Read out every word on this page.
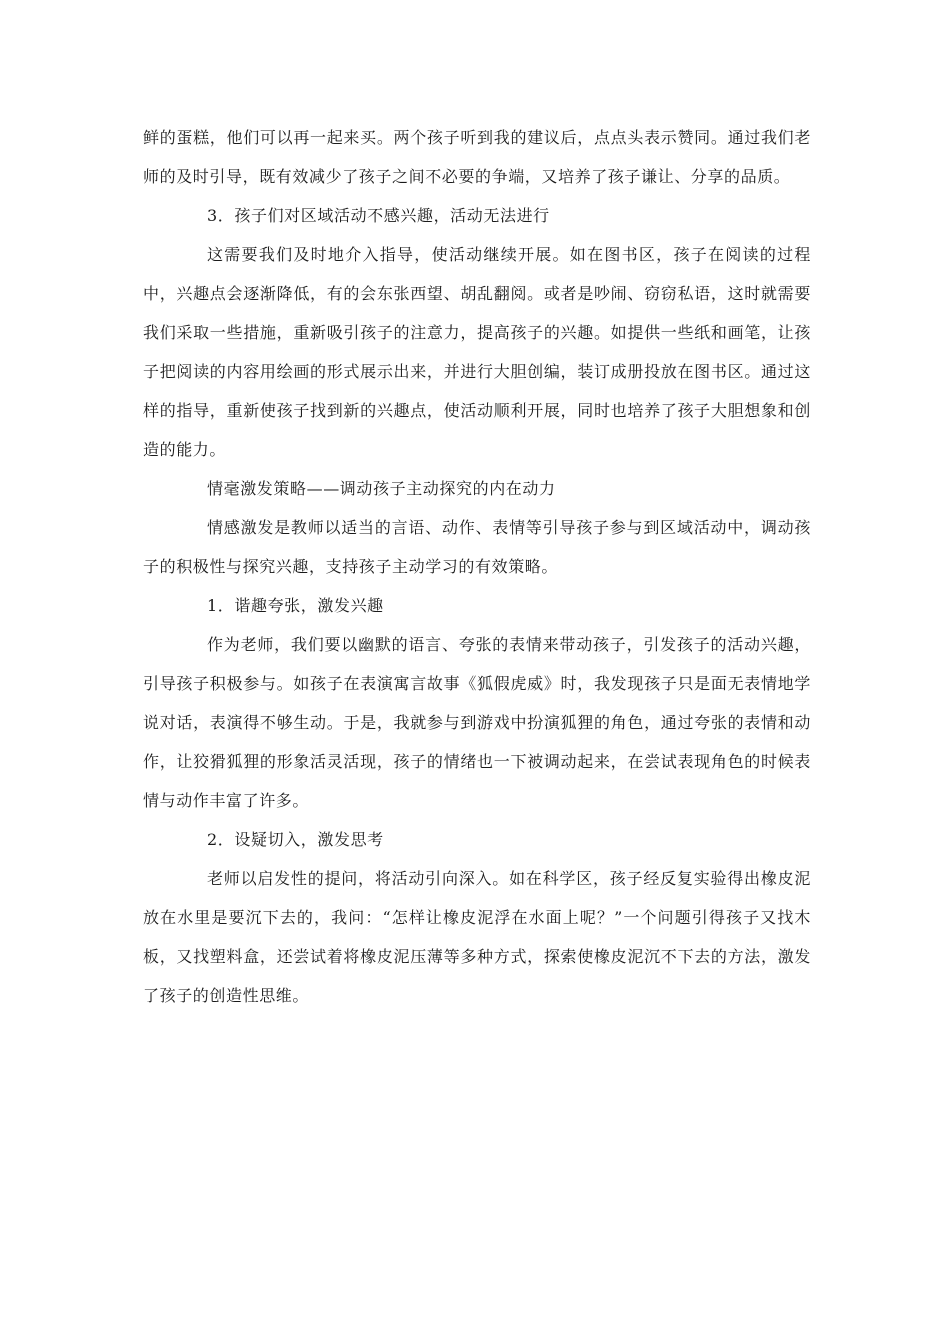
鲜的蛋糕，他们可以再一起来买。两个孩子听到我的建议后，点点头表示赞同。通过我们老师的及时引导，既有效减少了孩子之间不必要的争端，又培养了孩子谦让、分享的品质。

3．孩子们对区域活动不感兴趣，活动无法进行

这需要我们及时地介入指导，使活动继续开展。如在图书区，孩子在阅读的过程中，兴趣点会逐渐降低，有的会东张西望、胡乱翻阅。或者是吵闹、窃窃私语，这时就需要我们采取一些措施，重新吸引孩子的注意力，提高孩子的兴趣。如提供一些纸和画笔，让孩子把阅读的内容用绘画的形式展示出来，并进行大胆创编，装订成册投放在图书区。通过这样的指导，重新使孩子找到新的兴趣点，使活动顺利开展，同时也培养了孩子大胆想象和创造的能力。

情毫激发策略——调动孩子主动探究的内在动力

情感激发是教师以适当的言语、动作、表情等引导孩子参与到区域活动中，调动孩子的积极性与探究兴趣，支持孩子主动学习的有效策略。

1．谐趣夸张，激发兴趣

作为老师，我们要以幽默的语言、夸张的表情来带动孩子，引发孩子的活动兴趣，引导孩子积极参与。如孩子在表演寓言故事《狐假虎威》时，我发现孩子只是面无表情地学说对话，表演得不够生动。于是，我就参与到游戏中扮演狐狸的角色，通过夸张的表情和动作，让狡猾狐狸的形象活灵活现，孩子的情绪也一下被调动起来，在尝试表现角色的时候表情与动作丰富了许多。

2．设疑切入，激发思考

老师以启发性的提问，将活动引向深入。如在科学区，孩子经反复实验得出橡皮泥放在水里是要沉下去的，我问：“怎样让橡皮泥浮在水面上呢？”一个问题引得孩子又找木板，又找塑料盒，还尝试着将橡皮泥压薄等多种方式，探索使橡皮泥沉不下去的方法，激发了孩子的创造性思维。
